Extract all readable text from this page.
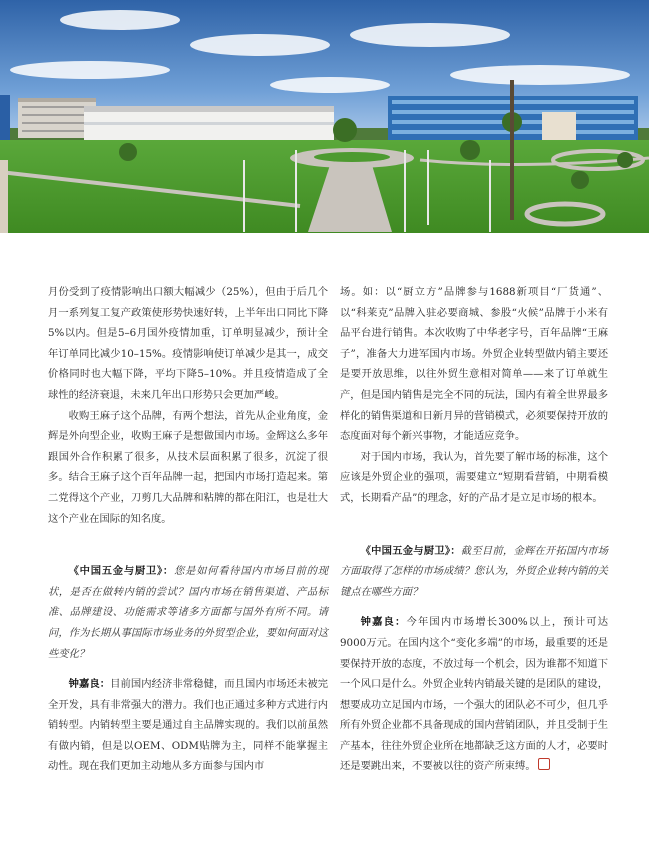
月份受到了疫情影响出口额大幅减少（25%），但由于后几个月一系列复工复产政策使形势快速好转，上半年出口同比下降5%以内。但是5–6月国外疫情加重，订单明显减少，预计全年订单同比减少10–15%。疫情影响使订单减少是其一，成交价格同时也大幅下降，平均下降5–10%。并且疫情造成了全球性的经济衰退，未来几年出口形势只会更加严峻。

收购王麻子这个品牌，有两个想法，首先从企业角度，金辉是外向型企业，收购王麻子是想做国内市场。金辉这么多年跟国外合作积累了很多，从技术层面积累了很多，沉淀了很多。结合王麻子这个百年品牌一起，把国内市场打造起来。第二党得这个产业，刀剪几大品牌和粘牌的都在阳江，也是壮大这个产业在国际的知名度。

《中国五金与厨卫》：您是如何看待国内市场目前的现状，是否在做转内销的尝试？国内市场在销售渠道、产品标准、品牌建设、功能需求等诸多方面都与国外有所不同。请问，作为长期从事国际市场业务的外贸型企业，要如何面对这些变化？

钟嘉良：目前国内经济非常稳健，而且国内市场还未被完全开发，具有非常强大的潜力。我们也正通过多种方式进行内销转型。内销转型主要是通过自主品牌实现的。我们以前虽然有做内销，但是以OEM、ODM贴牌为主，同样不能掌握主动性。现在我们更加主动地从多方面参与国内市

场。如：以“厨立方”品牌参与1688新项目“厂货通”、以“科莱克”品牌入驻必要商城、参股“火候”品牌于小米有品平台进行销售。本次收购了中华老字号，百年品牌“王麻子”，准备大力进军国内市场。外贸企业转型做内销主要还是要开放思维，以往外贸生意相对简单——来了订单就生产，但是国内销售是完全不同的玩法，国内有着全世界最多样化的销售渠道和日新月异的营销模式，必须要保持开放的态度面对每个新兴事物，才能适应竞争。

对于国内市场，我认为，首先要了解市场的标准，这个应该是外贸企业的强项，需要建立“短期看营销，中期看模式，长期看产品”的理念，好的产品才是立足市场的根本。

《中国五金与厨卫》：截至目前，金辉在开拓国内市场方面取得了怎样的市场成绩？您认为，外贸企业转内销的关键点在哪些方面？

钟嘉良：今年国内市场增长300%以上，预计可达9000万元。在国内这个“变化多端”的市场，最重要的还是要保持开放的态度，不放过每一个机会，因为谁都不知道下一个风口是什么。外贸企业转内销最关键的是团队的建设，想要成功立足国内市场，一个强大的团队必不可少，但几乎所有外贸企业都不具备现成的国内营销团队，并且受制于生产基本，往往外贸企业所在地都缺乏这方面的人才，必要时还是要跳出来，不要被以往的资产所束缚。
